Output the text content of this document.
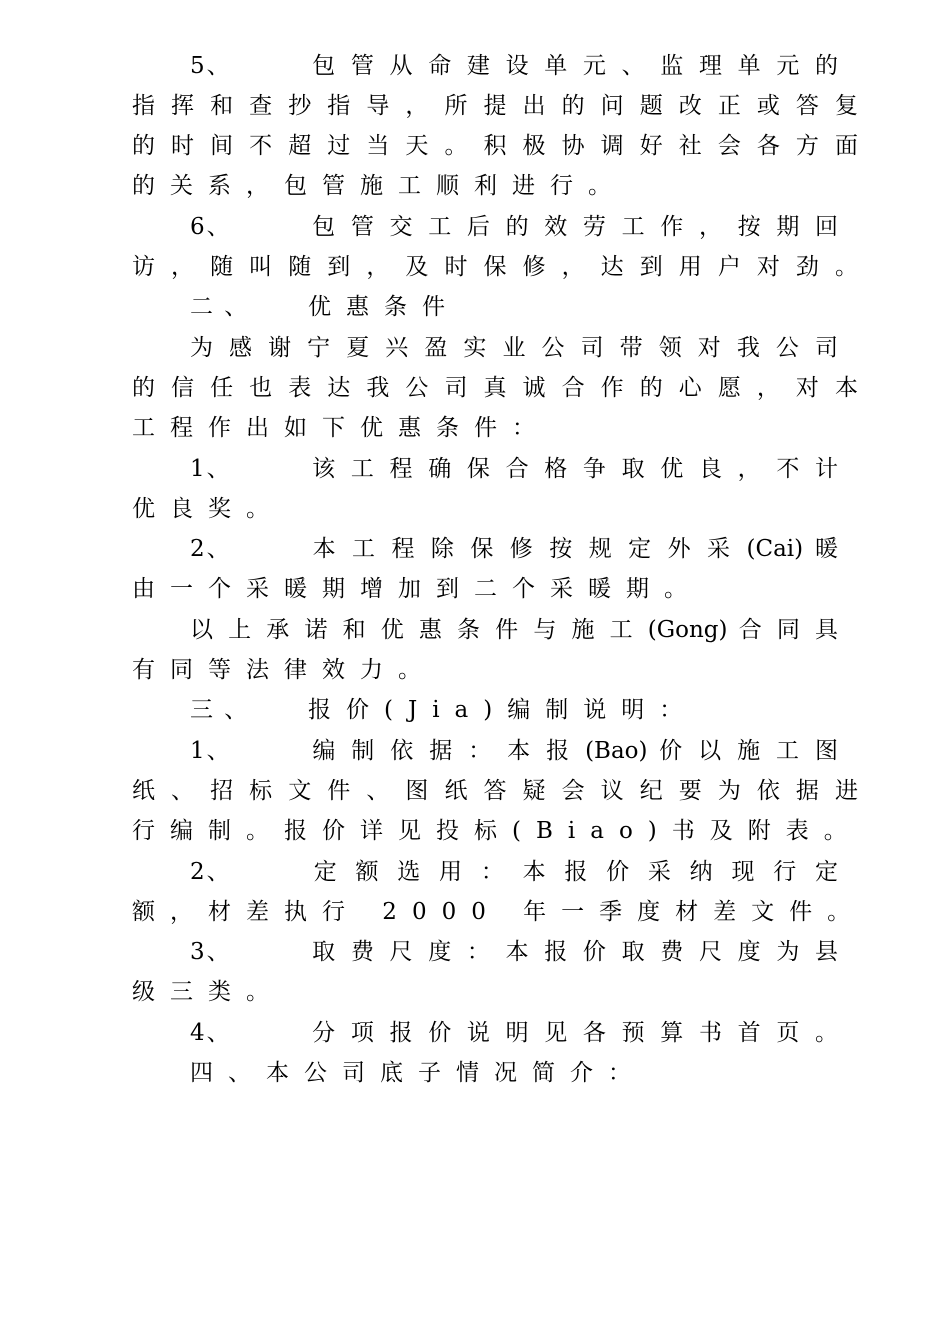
5、	包 管 从 命 建 设 单 元 、 监 理 单 元 的
指 挥 和 查 抄 指 导 ， 所 提 出 的 问 题 改 正 或 答 复
的 时 间 不 超 过 当 天 。 积 极 协 调 好 社 会 各 方 面
的关系，包管施工顺利进行。
6、	包 管 交 工 后 的 效 劳 工 作 ， 按 期 回
访 ， 随 叫 随 到 ， 及 时 保 修 ， 达 到 用 户 对 劲 。
二 、	优惠条件
为 感 谢 宁 夏 兴 盈 实 业 公 司 带 领 对 我 公 司
的 信 任 也 表 达 我 公 司 真 诚 合 作 的 心 愿 ， 对 本
工程作出如下优惠条件：
1、	该 工 程 确 保 合 格 争 取 优 良 ， 不 计
优良奖。
2、	本 工 程 除 保 修 按 规 定 外 采 (Cai) 暖
由一个采暖期增加到二个采暖期。
以 上 承 诺 和 优 惠 条 件 与 施 工 (Gong) 合 同 具
有同等法律效力。
三 、	报价(Jia)编制说明：
1、	编 制 依 据 ： 本 报 (Bao) 价 以 施 工 图
纸 、 招 标 文 件 、 图 纸 答 疑 会 议 纪 要 为 依 据 进
行编制。报价详见投标(Biao)书及附表。
2、	定 额 选 用 ： 本 报 价 采 纳 现 行 定
额，材差执行 2000 年一季度材差文件。
3、	取 费 尺 度 ： 本 报 价 取 费 尺 度 为 县
级三类。
4、	分 项 报 价 说 明 见 各 预 算 书 首 页 。
四、本公司底子情况简介：
